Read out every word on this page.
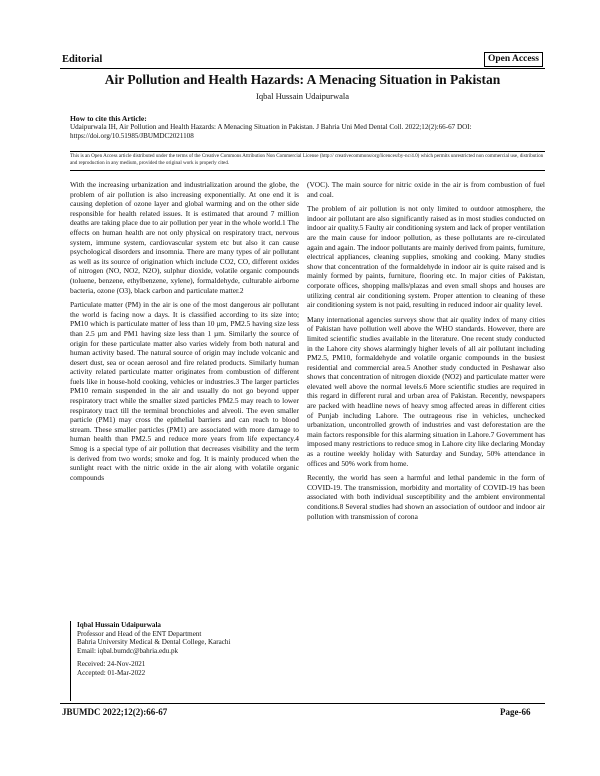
Editorial	Open Access
Air Pollution and Health Hazards: A Menacing Situation in Pakistan
Iqbal Hussain Udaipurwala
How to cite this Article:
Udaipurwala IH, Air Pollution and Health Hazards: A Menacing Situation in Pakistan. J Bahria Uni Med Dental Coll. 2022;12(2):66-67 DOI: https://doi.org/10.51985/JBUMDC2021108
This is an Open Access article distributed under the terms of the Creative Commons Attribution Non Commercial License (http:// creativecommons/org/licences/by-nc/4.0) which permits unrestricted non commercial use, distribution and reproduction in any medium, provided the original work is properly cited.

With the increasing urbanization and industrialization around the globe, the problem of air pollution is also increasing exponentially. At one end it is causing depletion of ozone layer and global warming and on the other side responsible for health related issues. It is estimated that around 7 million deaths are taking place due to air pollution per year in the whole world.1 The effects on human health are not only physical on respiratory tract, nervous system, immune system, cardiovascular system etc but also it can cause psychological disorders and insomnia. There are many types of air pollutant as well as its source of origination which include CO2, CO, different oxides of nitrogen (NO, NO2, N2O), sulphur dioxide, volatile organic compounds (toluene, benzene, ethylbenzene, xylene), formaldehyde, culturable airborne bacteria, ozone (O3), black carbon and particulate matter.2

Particulate matter (PM) in the air is one of the most dangerous air pollutant the world is facing now a days. It is classified according to its size into; PM10 which is particulate matter of less than 10 µm, PM2.5 having size less than 2.5 µm and PM1 having size less than 1 µm. Similarly the source of origin for these particulate matter also varies widely from both natural and human activity based. The natural source of origin may include volcanic and desert dust, sea or ocean aerosol and fire related products. Similarly human activity related particulate matter originates from combustion of different fuels like in house-hold cooking, vehicles or industries.3 The larger particles PM10 remain suspended in the air and usually do not go beyond upper respiratory tract while the smaller sized particles PM2.5 may reach to lower respiratory tract till the terminal bronchioles and alveoli. The even smaller particle (PM1) may cross the epithelial barriers and can reach to blood stream. These smaller particles (PM1) are associated with more damage to human health than PM2.5 and reduce more years from life expectancy.4 Smog is a special type of air pollution that decreases visibility and the term is derived from two words; smoke and fog. It is mainly produced when the sunlight react with the nitric oxide in the air along with volatile organic compounds

(VOC). The main source for nitric oxide in the air is from combustion of fuel and coal.

The problem of air pollution is not only limited to outdoor atmosphere, the indoor air pollutant are also significantly raised as in most studies conducted on indoor air quality.5 Faulty air conditioning system and lack of proper ventilation are the main cause for indoor pollution, as these pollutants are re-circulated again and again. The indoor pollutants are mainly derived from paints, furniture, electrical appliances, cleaning supplies, smoking and cooking. Many studies show that concentration of the formaldehyde in indoor air is quite raised and is mainly formed by paints, furniture, flooring etc. In major cities of Pakistan, corporate offices, shopping malls/plazas and even small shops and houses are utilizing central air conditioning system. Proper attention to cleaning of these air conditioning system is not paid, resulting in reduced indoor air quality level.

Many international agencies surveys show that air quality index of many cities of Pakistan have pollution well above the WHO standards. However, there are limited scientific studies available in the literature. One recent study conducted in the Lahore city shows alarmingly higher levels of all air pollutant including PM2.5, PM10, formaldehyde and volatile organic compounds in the busiest residential and commercial area.5 Another study conducted in Peshawar also shows that concentration of nitrogen dioxide (NO2) and particulate matter were elevated well above the normal levels.6 More scientific studies are required in this regard in different rural and urban area of Pakistan. Recently, newspapers are packed with headline news of heavy smog affected areas in different cities of Punjab including Lahore. The outrageous rise in vehicles, unchecked urbanization, uncontrolled growth of industries and vast deforestation are the main factors responsible for this alarming situation in Lahore.7 Government has imposed many restrictions to reduce smog in Lahore city like declaring Monday as a routine weekly holiday with Saturday and Sunday, 50% attendance in offices and 50% work from home.

Recently, the world has seen a harmful and lethal pandemic in the form of COVID-19. The transmission, morbidity and mortality of COVID-19 has been associated with both individual susceptibility and the ambient environmental conditions.8 Several studies had shown an association of outdoor and indoor air pollution with transmission of corona

Iqbal Hussain Udaipurwala
Professor and Head of the ENT Department
Bahria University Medical & Dental College, Karachi
Email: iqbal.bumdc@bahria.edu.pk
Received: 24-Nov-2021
Accepted: 01-Mar-2022
JBUMDC 2022;12(2):66-67	Page-66
